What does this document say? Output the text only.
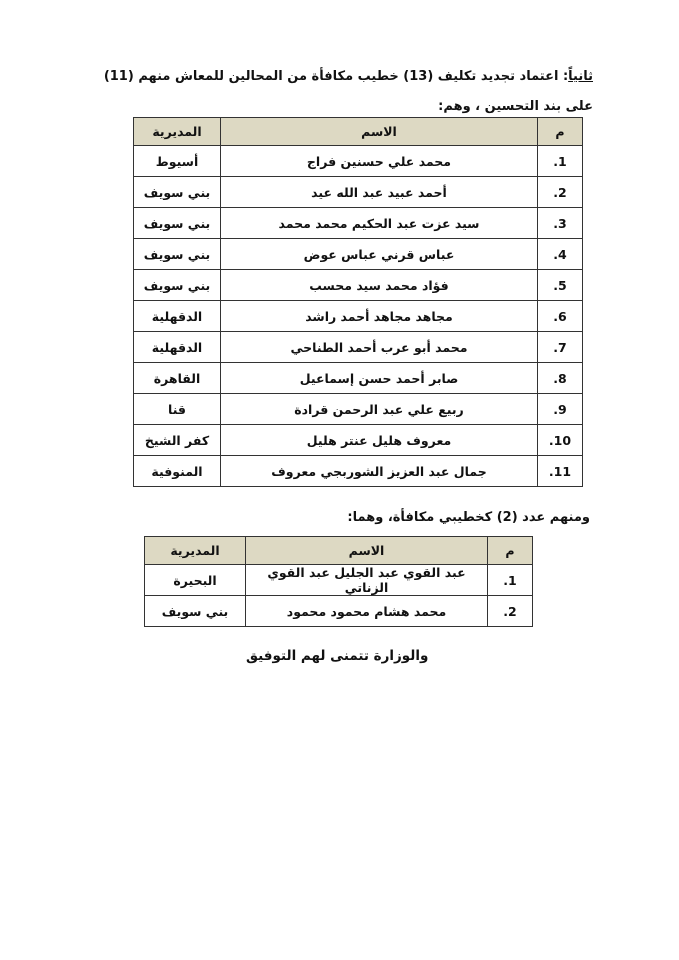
ثانياً: اعتماد تجديد تكليف (13) خطيب مكافأة من المحالين للمعاش منهم (11) على بند التحسين ، وهم:
م	الاسم	المديرية
1.	محمد علي حسنين فراج	أسيوط
2.	أحمد عبيد عبد الله عيد	بني سويف
3.	سيد عزت عبد الحكيم محمد محمد	بني سويف
4.	عباس قرني عباس عوض	بني سويف
5.	فؤاد محمد سيد محسب	بني سويف
6.	مجاهد مجاهد أحمد راشد	الدقهلية
7.	محمد أبو عرب أحمد الطناحي	الدقهلية
8.	صابر أحمد حسن إسماعيل	القاهرة
9.	ربيع علي عبد الرحمن قرادة	قنا
10.	معروف هليل عنتر هليل	كفر الشيخ
11.	جمال عبد العزيز الشوربجي معروف	المنوفية
ومنهم عدد (2) كخطيبي مكافأة، وهما:
م	الاسم	المديرية
1.	عبد القوي عبد الجليل عبد القوي الزناتي	البحيرة
2.	محمد هشام محمود محمود	بني سويف
والوزارة تتمنى لهم التوفيق
